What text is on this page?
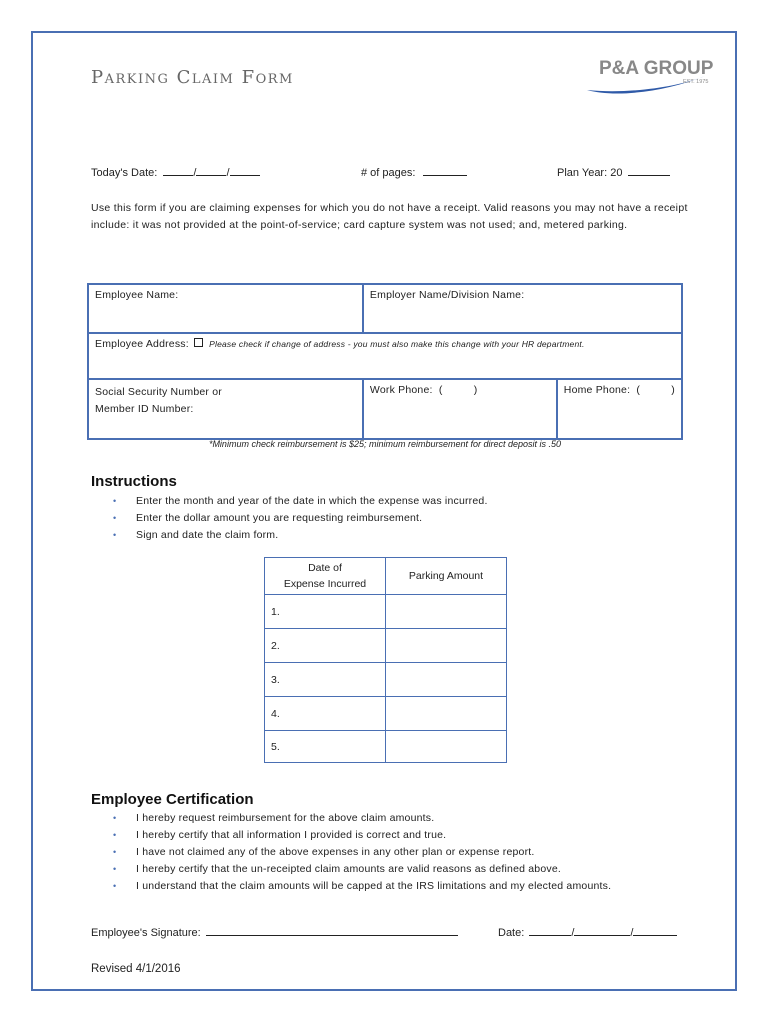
Parking Claim Form	P&A GROUP
EST. 1975
Today's Date:	/	/	# of pages:	Plan Year: 20
Use this form if you are claiming expenses for which you do not have a receipt. Valid reasons you may not have a receipt include: it was not provided at the point-of-service; card capture system was not used; and, metered parking.
Employee Name:	Employer Name/Division Name:	
Employee Address: Please check if change of address - you must also make this change with your HR department.		

Social Security Number or
Member ID Number:	Work Phone:  (          )	Home Phone:  (          )
*Minimum check reimbursement is $25; minimum reimbursement for direct deposit is .50
Instructions
• Enter the month and year of the date in which the expense was incurred.
• Enter the dollar amount you are requesting reimbursement.
• Sign and date the claim form.
Date of
Expense Incurred	Parking Amount
1.	
2.	
3.	
4.	
5.	
Employee Certification
• I hereby request reimbursement for the above claim amounts.
• I hereby certify that all information I provided is correct and true.
• I have not claimed any of the above expenses in any other plan or expense report.
• I hereby certify that the un-receipted claim amounts are valid reasons as defined above.
• I understand that the claim amounts will be capped at the IRS limitations and my elected amounts.
Employee's Signature:	Date:	/	/
Revised 4/1/2016
